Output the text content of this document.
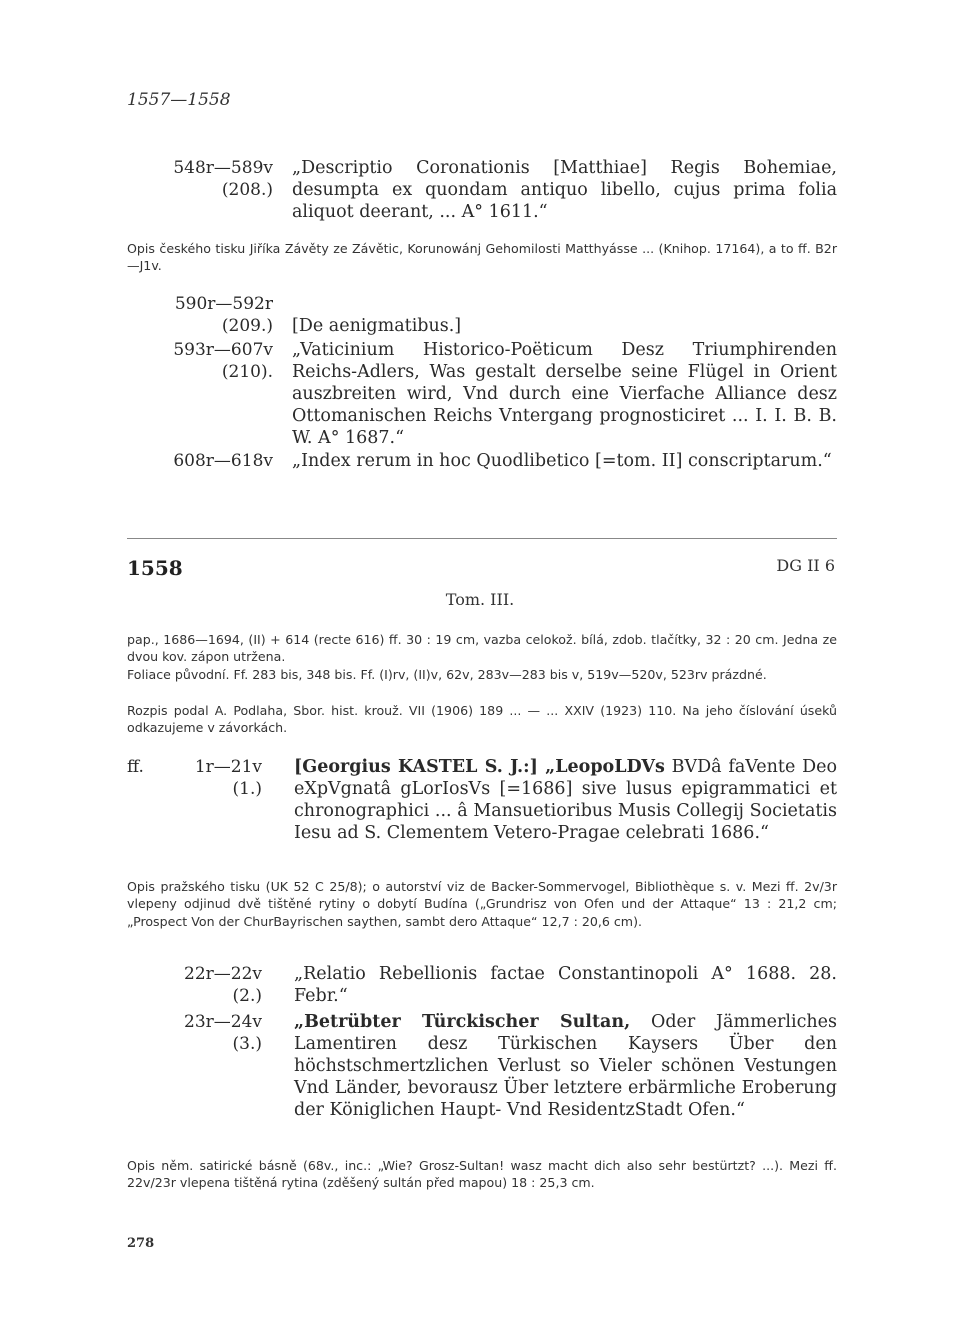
1557—1558
548r—589v
(208.)
„Descriptio Coronationis [Matthiae] Regis Bohemiae, desumpta ex quondam antiquo libello, cujus prima folia aliquot deerant, ... A° 1611.“
Opis českého tisku Jiříka Závěty ze Závětic, Korunowánj Gehomilosti Matthyásse ... (Knihop. 17164), a to ff. B2r—J1v.
590r—592r
(209.) [De aenigmatibus.]
593r—607v
(210).
„Vaticinium Historico-Poëticum Desz Triumphirenden Reichs-Adlers, Was gestalt derselbe seine Flügel in Orient auszbreiten wird, Vnd durch eine Vierfache Alliance desz Ottomanischen Reichs Vntergang prognosticiret ... I. I. B. B. W. A° 1687.“
608r—618v „Index rerum in hoc Quodlibetico [=tom. II] conscriptarum.“
1558	DG II 6
Tom. III.
pap., 1686—1694, (II) + 614 (recte 616) ff. 30 : 19 cm, vazba celokož. bílá, zdob. tlačítky, 32 : 20 cm. Jedna ze dvou kov. zápon utržena.
Foliace původní. Ff. 283 bis, 348 bis. Ff. (I)rv, (II)v, 62v, 283v—283 bis v, 519v—520v, 523rv prázdné.
Rozpis podal A. Podlaha, Sbor. hist. krouž. VII (1906) 189 ... — ... XXIV (1923) 110. Na jeho číslování úseků odkazujeme v závorkách.
ff.	1r—21v
(1.)
[Georgius KASTEL S. J.:] „LeopoLDVs BVDâ faVente Deo eXpVgnatâ gLorIosVs [=1686] sive lusus epigrammatici et chronographici ... â Mansuetioribus Musis Collegij Societatis Iesu ad S. Clementem Vetero-Pragae celebrati 1686.“
Opis pražského tisku (UK 52 C 25/8); o autorství viz de Backer-Sommervogel, Bibliothèque s. v. Mezi ff. 2v/3r vlepeny odjinud dvě tištěné rytiny o dobytí Budína („Grundrisz von Ofen und der Attaque“ 13 : 21,2 cm; „Prospect Von der ChurBayrischen saythen, sambt dero Attaque“ 12,7 : 20,6 cm).
22r—22v
(2.)
„Relatio Rebellionis factae Constantinopoli A° 1688. 28. Febr.“
23r—24v
(3.)
„Betrübter Türckischer Sultan, Oder Jämmerliches Lamentiren desz Türkischen Kaysers Über den höchstschmertzlichen Verlust so Vieler schönen Vestungen Vnd Länder, bevorausz Über letztere erbärmliche Eroberung der Königlichen Haupt- Vnd ResidentzStadt Ofen.“
Opis něm. satirické básně (68v., inc.: „Wie? Grosz-Sultan! wasz macht dich also sehr bestürtzt? ...). Mezi ff. 22v/23r vlepena tištěná rytina (zděšený sultán před mapou) 18 : 25,3 cm.
278
